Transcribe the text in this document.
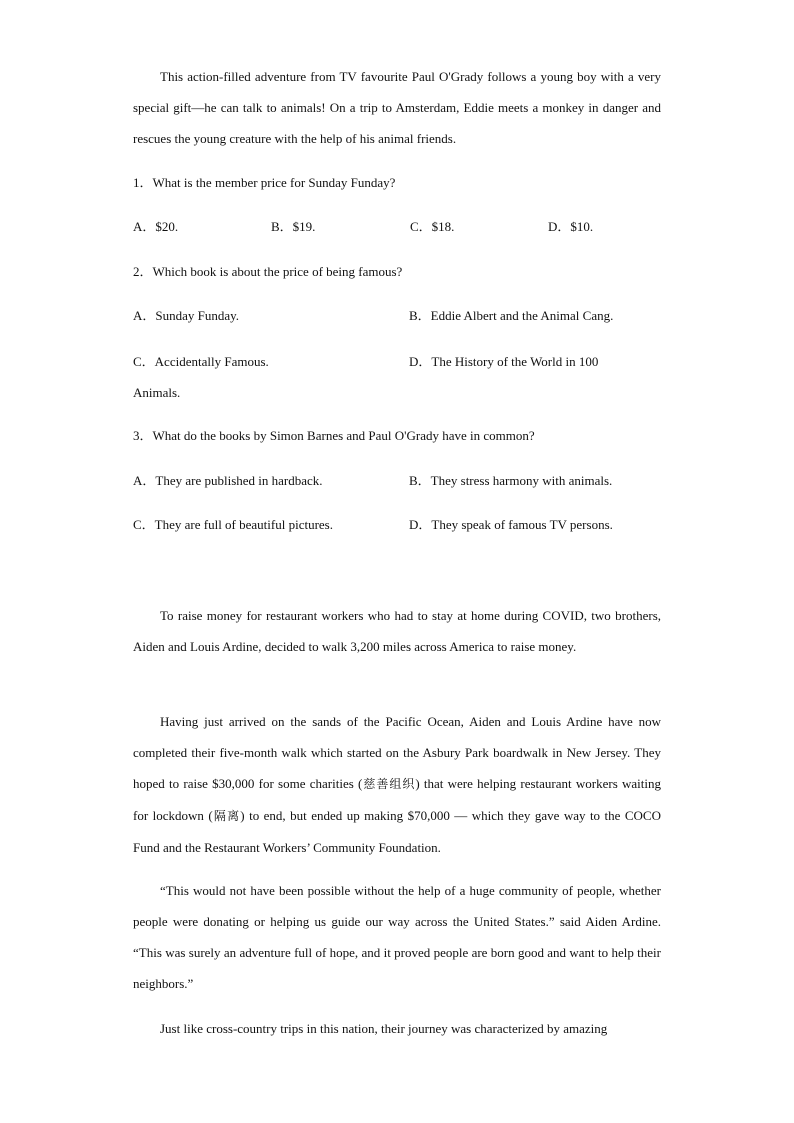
This action-filled adventure from TV favourite Paul O'Grady follows a young boy with a very special gift—he can talk to animals! On a trip to Amsterdam, Eddie meets a monkey in danger and rescues the young creature with the help of his animal friends.

1．What is the member price for Sunday Funday?
A．$20.	B．$19.	C．$18.	D．$10.
2．Which book is about the price of being famous?
A．Sunday Funday.	B．Eddie Albert and the Animal Cang.
C．Accidentally Famous.	D．The History of the World in 100
Animals.
3．What do the books by Simon Barnes and Paul O'Grady have in common?
A．They are published in hardback.	B．They stress harmony with animals.
C．They are full of beautiful pictures.	D．They speak of famous TV persons.

To raise money for restaurant workers who had to stay at home during COVID, two brothers, Aiden and Louis Ardine, decided to walk 3,200 miles across America to raise money.

Having just arrived on the sands of the Pacific Ocean, Aiden and Louis Ardine have now completed their five-month walk which started on the Asbury Park boardwalk in New Jersey. They hoped to raise $30,000 for some charities (慈善组织) that were helping restaurant workers waiting for lockdown (隔离) to end, but ended up making $70,000 — which they gave way to the COCO Fund and the Restaurant Workers’ Community Foundation.

“This would not have been possible without the help of a huge community of people, whether people were donating or helping us guide our way across the United States.” said Aiden Ardine. “This was surely an adventure full of hope, and it proved people are born good and want to help their neighbors.”

Just like cross-country trips in this nation, their journey was characterized by amazing
